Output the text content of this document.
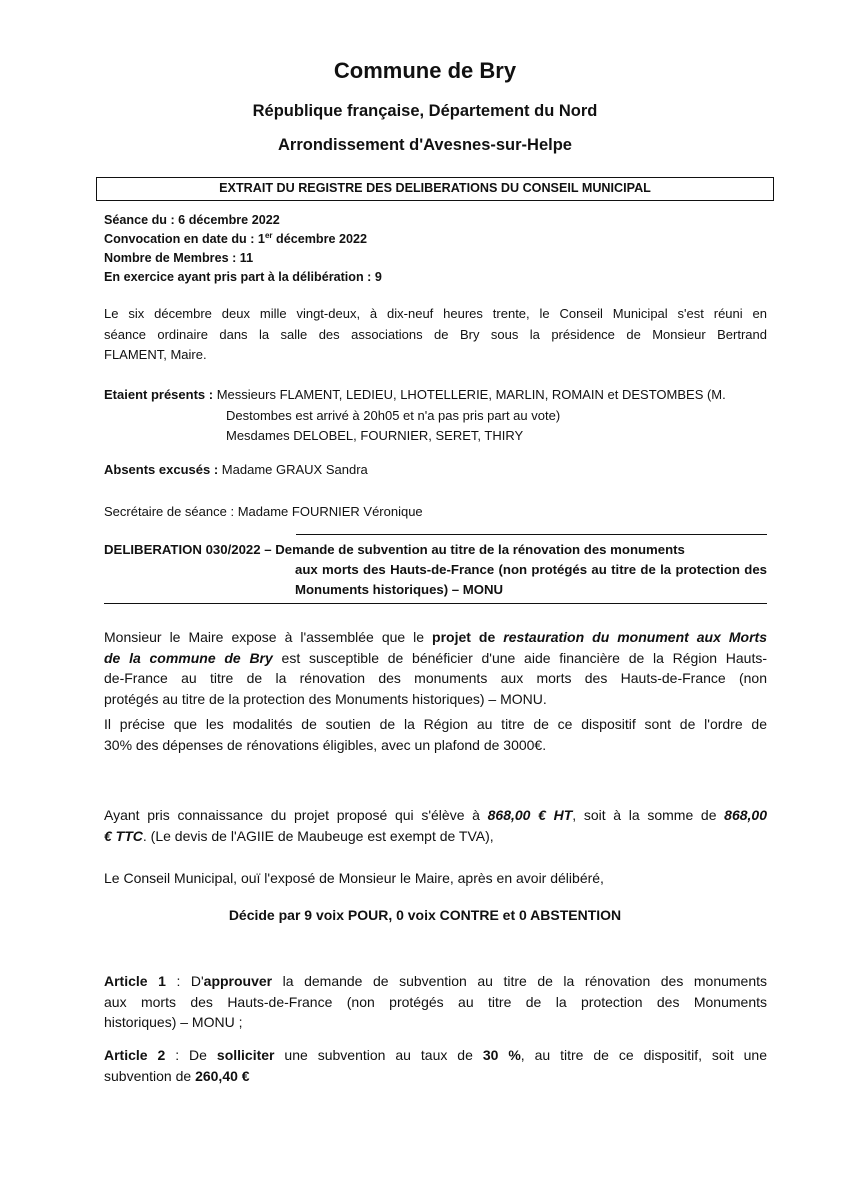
Commune de Bry
République française, Département du Nord
Arrondissement d'Avesnes-sur-Helpe
EXTRAIT DU REGISTRE DES DELIBERATIONS DU CONSEIL MUNICIPAL
Séance du : 6 décembre 2022
Convocation en date du : 1er décembre 2022
Nombre de Membres : 11
En exercice ayant pris part à la délibération : 9
Le six décembre deux mille vingt-deux, à dix-neuf heures trente, le Conseil Municipal s'est réuni en
séance ordinaire dans la salle des associations de Bry sous la présidence de Monsieur Bertrand
FLAMENT, Maire.
Etaient présents : Messieurs FLAMENT, LEDIEU, LHOTELLERIE, MARLIN, ROMAIN et DESTOMBES (M.
Destombes est arrivé à 20h05 et n'a pas pris part au vote)
Mesdames DELOBEL, FOURNIER, SERET, THIRY
Absents excusés : Madame GRAUX Sandra
Secrétaire de séance : Madame FOURNIER Véronique
DELIBERATION 030/2022 – Demande de subvention au titre de la rénovation des monuments
aux morts des Hauts-de-France (non protégés au titre de la protection des Monuments historiques) – MONU
Monsieur le Maire expose à l'assemblée que le projet de restauration du monument aux Morts
de la commune de Bry est susceptible de bénéficier d'une aide financière de la Région Hauts-
de-France au titre de la rénovation des monuments aux morts des Hauts-de-France (non
protégés au titre de la protection des Monuments historiques) – MONU.
Il précise que les modalités de soutien de la Région au titre de ce dispositif sont de l'ordre de
30% des dépenses de rénovations éligibles, avec un plafond de 3000€.
Ayant pris connaissance du projet proposé qui s'élève à 868,00 € HT, soit à la somme de 868,00
€ TTC. (Le devis de l'AGIIE de Maubeuge est exempt de TVA),
Le Conseil Municipal, ouï l'exposé de Monsieur le Maire, après en avoir délibéré,
Décide par 9 voix POUR, 0 voix CONTRE et 0 ABSTENTION
Article 1 : D'approuver la demande de subvention au titre de la rénovation des monuments
aux morts des Hauts-de-France (non protégés au titre de la protection des Monuments
historiques) – MONU ;
Article 2 : De solliciter une subvention au taux de 30 %, au titre de ce dispositif, soit une
subvention de 260,40 €
